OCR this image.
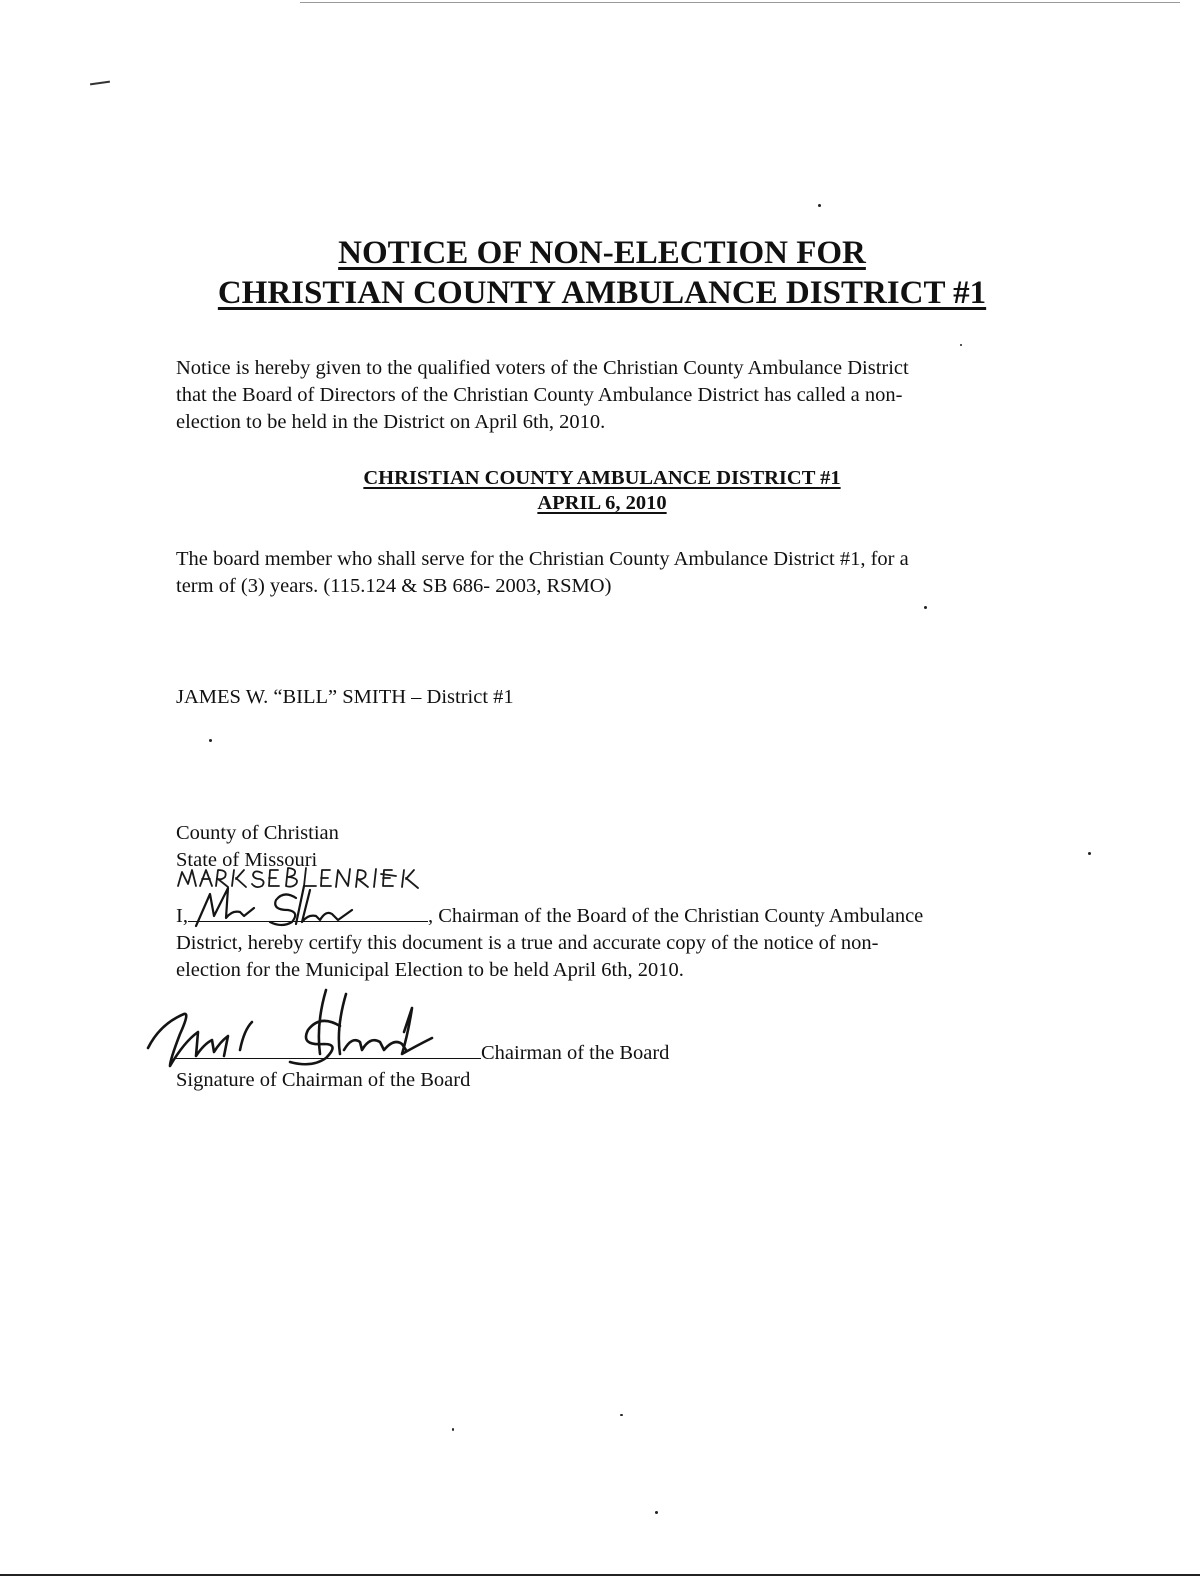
NOTICE OF NON-ELECTION FOR
CHRISTIAN COUNTY AMBULANCE DISTRICT #1
Notice is hereby given to the qualified voters of the Christian County Ambulance District
that the Board of Directors of the Christian County Ambulance District has called a non-
election to be held in the District on April 6th, 2010.
CHRISTIAN COUNTY AMBULANCE DISTRICT #1
APRIL 6, 2010
The board member who shall serve for the Christian County Ambulance District #1, for a
term of (3) years. (115.124 & SB 686- 2003, RSMO)
JAMES W. “BILL” SMITH – District #1
County of Christian
State of Missouri
I,	, Chairman of the Board of the Christian County Ambulance
District, hereby certify this document is a true and accurate copy of the notice of non-
election for the Municipal Election to be held April 6th, 2010.
Chairman of the Board
Signature of Chairman of the Board
